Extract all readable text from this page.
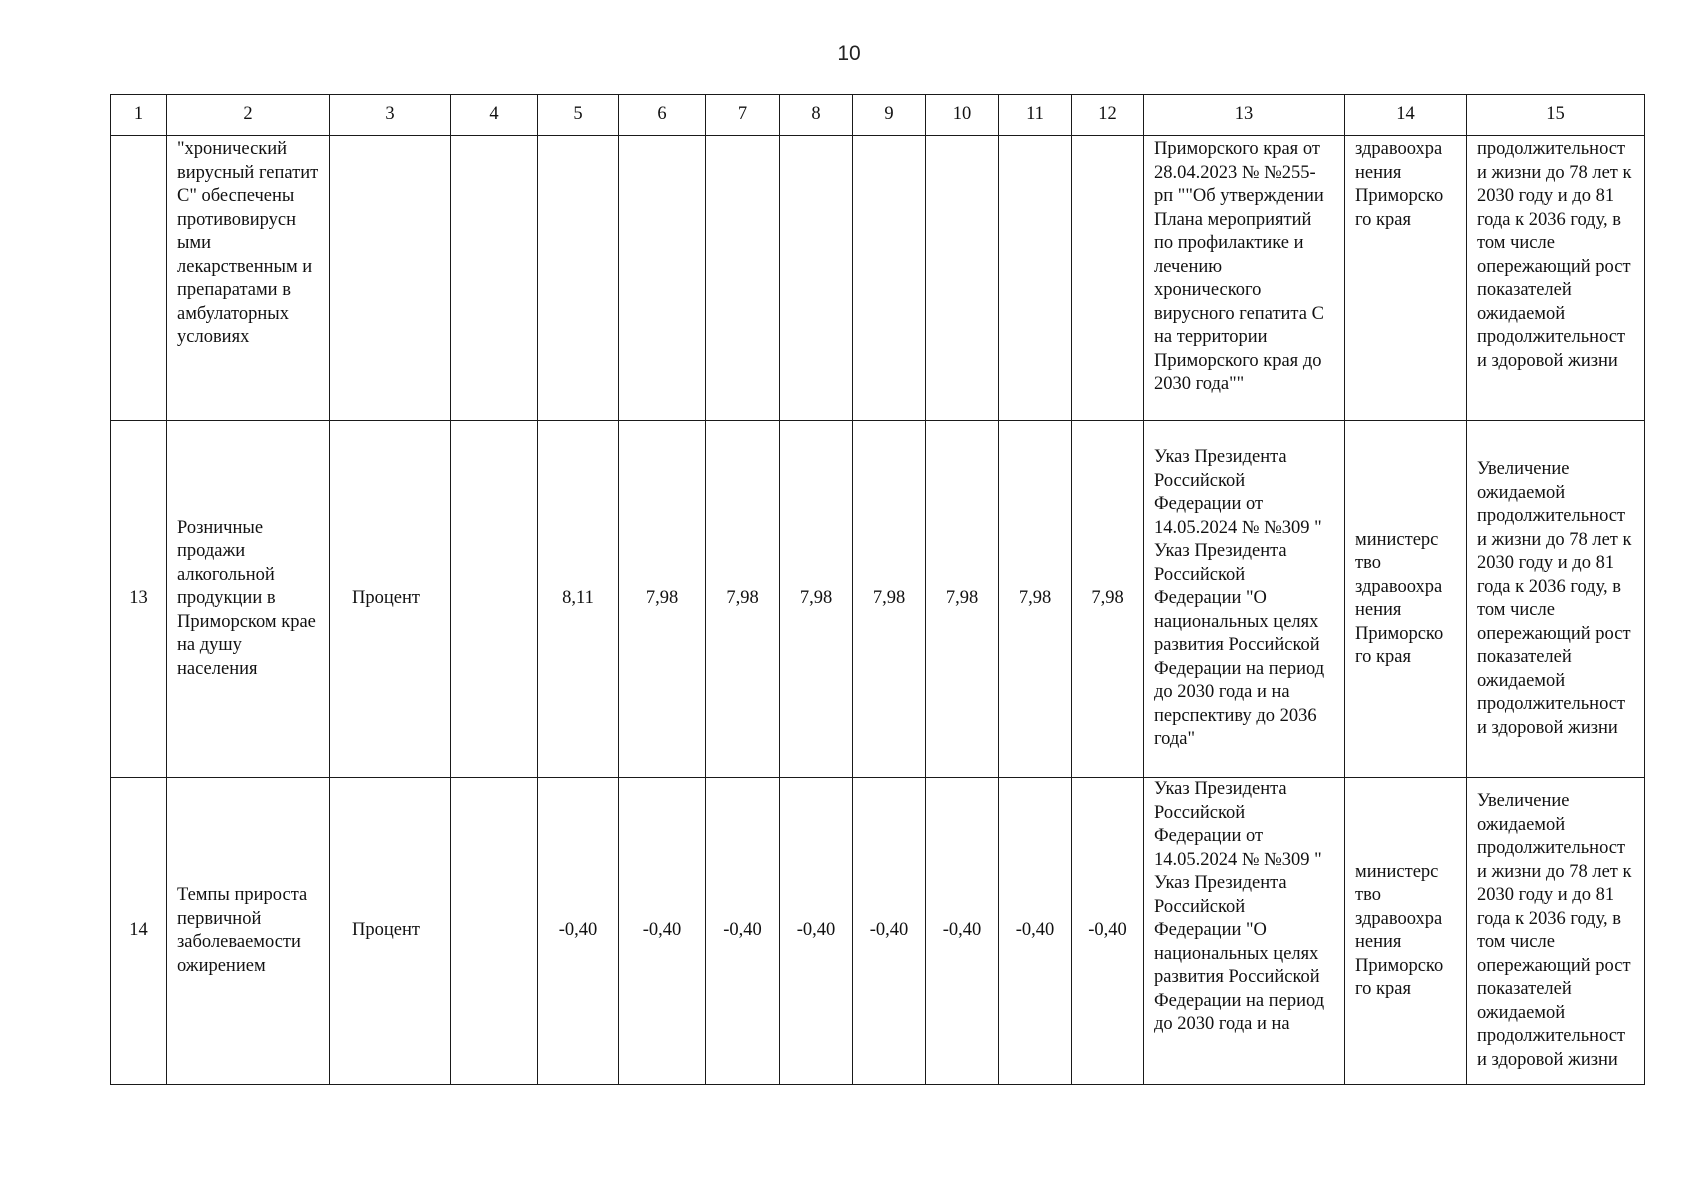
10
1	2	3	4	5	6	7	8	9	10	11	12	13	14	15
	"хронический вирусный гепатит С" обеспечены противовирусн ыми лекарственным и препаратами в амбулаторных условиях											Приморского края от 28.04.2023 № №255-рп ""Об утверждении Плана мероприятий по профилактике и лечению хронического вирусного гепатита С на территории Приморского края до 2030 года""	здравоохра нения Приморско го края	продолжительност и жизни до 78 лет к 2030 году и до 81 года к 2036 году, в том числе опережающий рост показателей ожидаемой продолжительност и здоровой жизни
13	Розничные продажи алкогольной продукции в Приморском крае на душу населения	Процент		8,11	7,98	7,98	7,98	7,98	7,98	7,98	7,98	Указ Президента Российской Федерации от 14.05.2024 № №309 " Указ Президента Российской Федерации "О национальных целях развития Российской Федерации на период до 2030 года и на перспективу до 2036 года"	министерс тво здравоохра нения Приморско го края	Увеличение ожидаемой продолжительност и жизни до 78 лет к 2030 году и до 81 года к 2036 году, в том числе опережающий рост показателей ожидаемой продолжительност и здоровой жизни
14	Темпы прироста первичной заболеваемости ожирением	Процент		-0,40	-0,40	-0,40	-0,40	-0,40	-0,40	-0,40	-0,40	Указ Президента Российской Федерации от 14.05.2024 № №309 " Указ Президента Российской Федерации "О национальных целях развития Российской Федерации на период до 2030 года и на	министерс тво здравоохра нения Приморско го края	Увеличение ожидаемой продолжительност и жизни до 78 лет к 2030 году и до 81 года к 2036 году, в том числе опережающий рост показателей ожидаемой продолжительност и здоровой жизни
